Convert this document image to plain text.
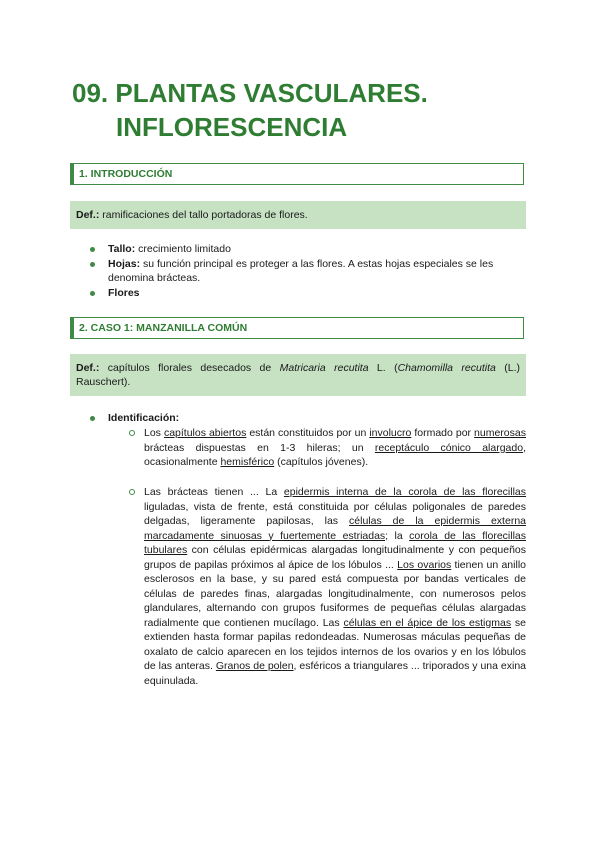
09. PLANTAS VASCULARES.
INFLORESCENCIA
1. INTRODUCCIÓN
Def.: ramificaciones del tallo portadoras de flores.
Tallo: crecimiento limitado
Hojas: su función principal es proteger a las flores. A estas hojas especiales se les denomina brácteas.
Flores
2. CASO 1: MANZANILLA COMÚN
Def.: capítulos florales desecados de Matricaria recutita L. (Chamomilla recutita (L.) Rauschert).
Identificación:
Los capítulos abiertos están constituidos por un involucro formado por numerosas brácteas dispuestas en 1-3 hileras; un receptáculo cónico alargado, ocasionalmente hemisférico (capítulos jóvenes).
Las brácteas tienen ... La epidermis interna de la corola de las florecillas liguladas, vista de frente, está constituida por células poligonales de paredes delgadas, ligeramente papilosas, las células de la epidermis externa marcadamente sinuosas y fuertemente estriadas; la corola de las florecillas tubulares con células epidérmicas alargadas longitudinalmente y con pequeños grupos de papilas próximos al ápice de los lóbulos ... Los ovarios tienen un anillo esclerosos en la base, y su pared está compuesta por bandas verticales de células de paredes finas, alargadas longitudinalmente, con numerosos pelos glandulares, alternando con grupos fusiformes de pequeñas células alargadas radialmente que contienen mucílago. Las células en el ápice de los estigmas se extienden hasta formar papilas redondeadas. Numerosas máculas pequeñas de oxalato de calcio aparecen en los tejidos internos de los ovarios y en los lóbulos de las anteras. Granos de polen, esféricos a triangulares ... triporados y una exina equinulada.
